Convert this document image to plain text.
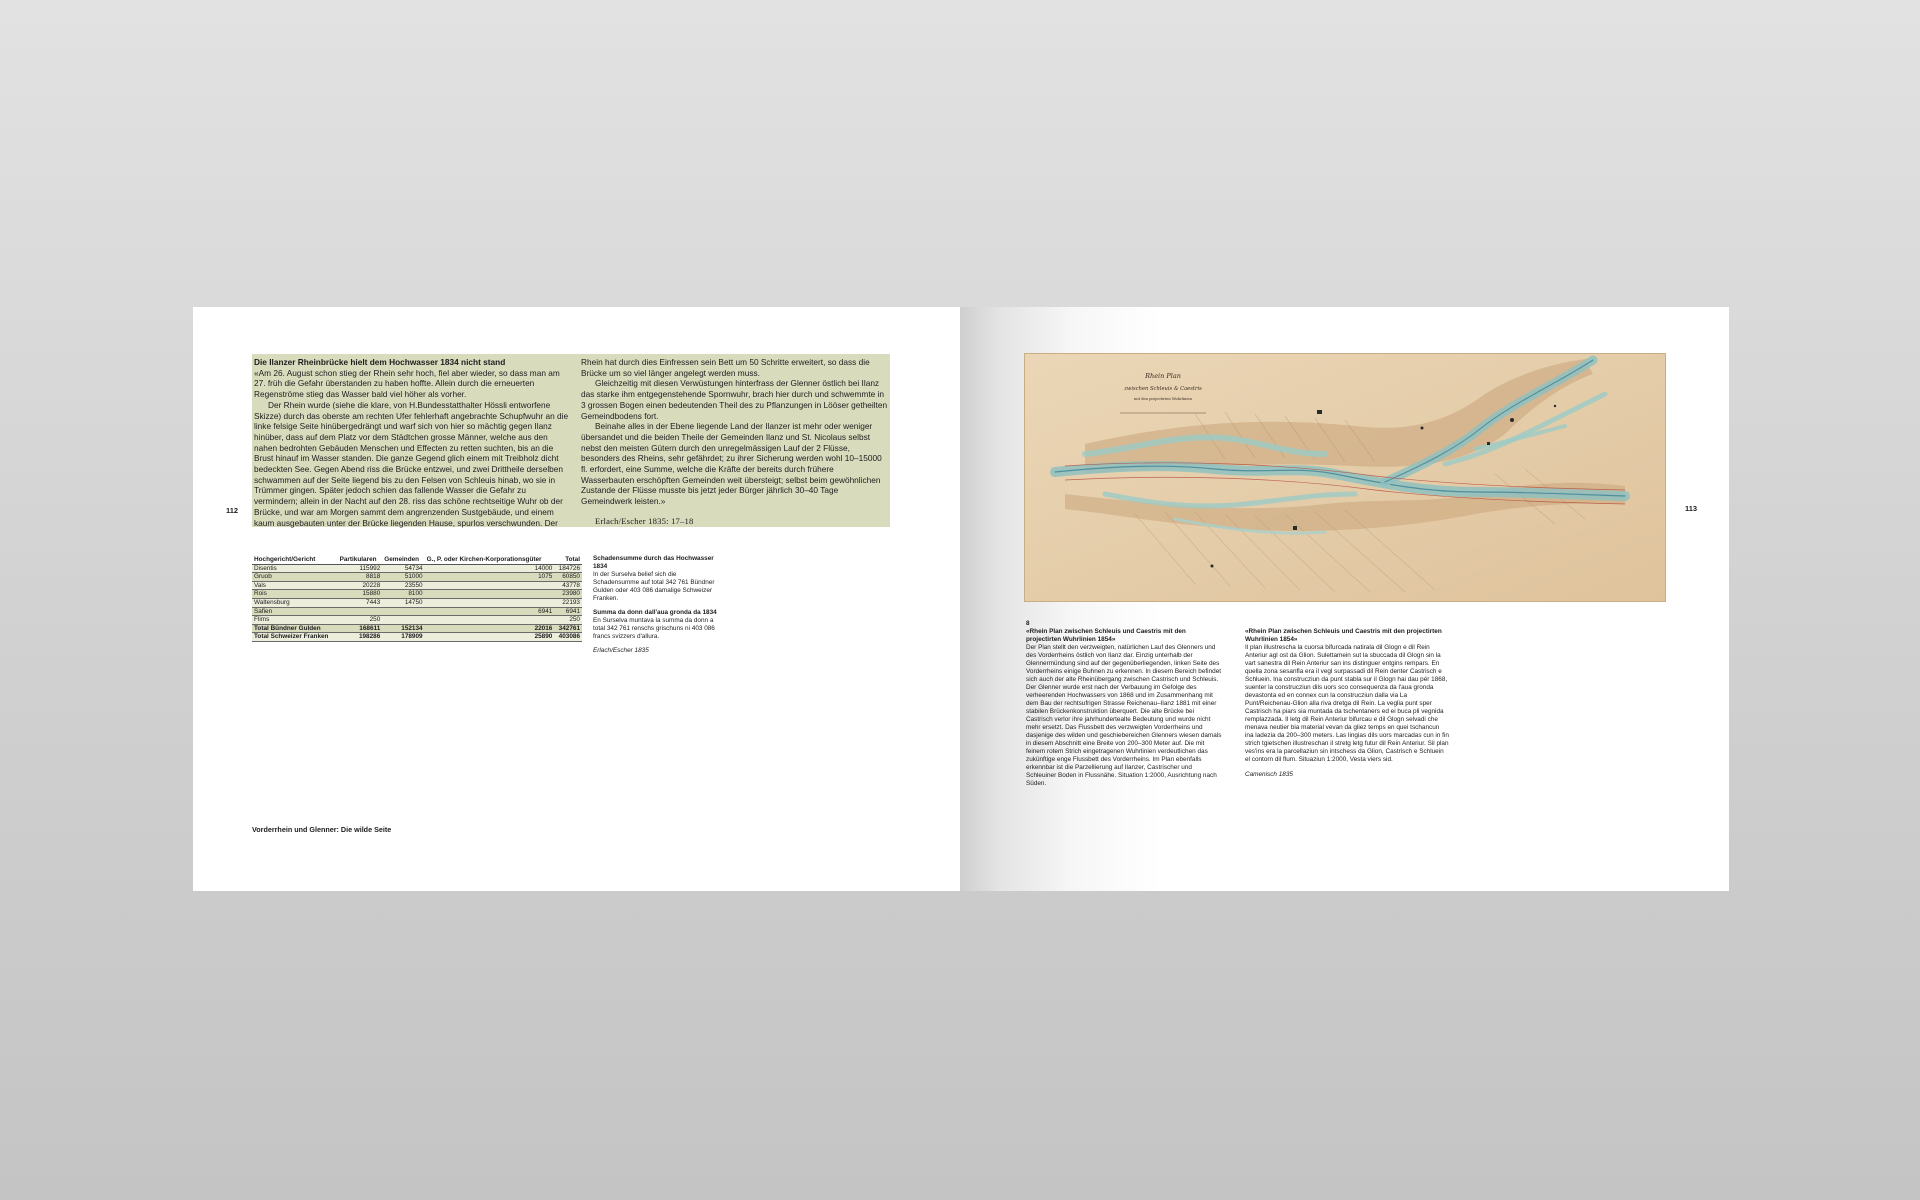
112

Die Ilanzer Rheinbrücke hielt dem Hochwasser 1834 nicht stand

«Am 26. August schon stieg der Rhein sehr hoch, fiel aber wieder, so dass man am 27. früh die Gefahr überstanden zu haben hoffte. Allein durch die erneuerten Regenströme stieg das Wasser bald viel höher als vorher.

Der Rhein wurde (siehe die klare, von H.Bundesstatthalter Hössli entworfene Skizze) durch das oberste am rechten Ufer fehlerhaft angebrachte Schupfwuhr an die linke felsige Seite hinübergedrängt und warf sich von hier so mächtig gegen Ilanz hinüber, dass auf dem Platz vor dem Städtchen grosse Männer, welche aus den nahen bedrohten Gebäuden Menschen und Effecten zu retten suchten, bis an die Brust hinauf im Wasser standen. Die ganze Gegend glich einem mit Treibholz dicht bedeckten See. Gegen Abend riss die Brücke entzwei, und zwei Drittheile derselben schwammen auf der Seite liegend bis zu den Felsen von Schleuis hinab, wo sie in Trümmer gingen. Später jedoch schien das fallende Wasser die Gefahr zu vermindern; allein in der Nacht auf den 28. riss das schöne rechtseitige Wuhr ob der Brücke, und war am Morgen sammt dem angrenzenden Sustgebäude, und einem kaum ausgebauten unter der Brücke liegenden Hause, spurlos verschwunden. Der

Rhein hat durch dies Einfressen sein Bett um 50 Schritte erweitert, so dass die Brücke um so viel länger angelegt werden muss.

Gleichzeitig mit diesen Verwüstungen hinterfrass der Glenner östlich bei Ilanz das starke ihm entgegenstehende Spornwuhr, brach hier durch und schwemmte in 3 grossen Bogen einen bedeutenden Theil des zu Pflanzungen in Lööser getheilten Gemeindbodens fort.

Beinahe alles in der Ebene liegende Land der Ilanzer ist mehr oder weniger übersandet und die beiden Theile der Gemeinden Ilanz und St. Nicolaus selbst nebst den meisten Gütern durch den unregelmässigen Lauf der 2 Flüsse, besonders des Rheins, sehr gefährdet; zu ihrer Sicherung werden wohl 10–15000 fl. erfordert, eine Summe, welche die Kräfte der bereits durch frühere Wasserbauten erschöpften Gemeinden weit übersteigt; selbst beim gewöhnlichen Zustande der Flüsse musste bis jetzt jeder Bürger jährlich 30–40 Tage Gemeindwerk leisten.»

Erlach/Escher 1835: 17–18

Hochgericht/Gericht	Partikularen	Gemeinden	G., P. oder Kirchen-Korporationsgüter	Total
Disentis	115992	54734	14000	184726
Gruob	8818	51000	1075	60850
Vals	20228	23550		43778
Rois	15880	8100		23980
Waltensburg	7443	14750		22193
Safien			6941	6941
Flims	250			250
Total Bündner Gulden	168611	152134	22016	342761
Total Schweizer Franken	198286	178909	25890	403086

Schadensumme durch das Hochwasser 1834
In der Surselva belief sich die Schadensumme auf total 342 761 Bündner Gulden oder 403 086 damalige Schweizer Franken.

Summa da donn dall'aua gronda da 1834
En Surselva muntava la summa da donn a total 342 761 renschs grischuns ni 403 086 francs svizzers d'allura.

Erlach/Escher 1835

Vorderrhein und Glenner: Die wilde Seite
113
Rhein Plan
zwischen Schleuis & Caestris
mit den projectirten Wuhrlinien
8
«Rhein Plan zwischen Schleuis und Caestris mit den projectirten Wuhrlinien 1854»
Der Plan stellt den verzweigten, natürlichen Lauf des Glenners und des Vorderrheins östlich von Ilanz dar. Einzig unterhalb der Glennermündung sind auf der gegenüberliegenden, linken Seite des Vorderrheins einige Buhnen zu erkennen. In diesem Bereich befindet sich auch der alte Rheinübergang zwischen Castrisch und Schleuis. Der Glenner wurde erst nach der Verbauung im Gefolge des verheerenden Hochwassers von 1868 und im Zusammenhang mit dem Bau der rechtsufrigen Strasse Reichenau–Ilanz 1881 mit einer stabilen Brückenkonstruktion überquert. Die alte Brücke bei Castrisch verlor ihre jahrhundertealte Bedeutung und wurde nicht mehr ersetzt. Das Flussbett des verzweigten Vorderrheins und dasjenige des wilden und geschiebereichen Glenners wiesen damals in diesem Abschnitt eine Breite von 200–300 Meter auf. Die mit feinem rotem Strich eingetragenen Wuhrlinien verdeutlichen das zukünftige enge Flussbett des Vorderrheins. Im Plan ebenfalls erkennbar ist die Parzellierung auf Ilanzer, Castrischer und Schleuiner Boden in Flussnähe. Situation 1:2000, Ausrichtung nach Süden.
«Rhein Plan zwischen Schleuis und Caestris mit den projectirten Wuhrlinien 1854»
Il plan illustrescha la cuorsa bifurcada natirala dil Glogn e dil Rein Anteriur agl ost da Glion. Sulettamein sut la sbuccada dil Glogn sin la vart sanestra dil Rein Anteriur san ins distinguer entgins rempars. En quella zona sesanfla era il vegl surpassadi dil Rein denter Castrisch e Schluein. Ina construcziun da punt stabla sur il Glogn hai dau pér 1868, suenter la construcziun dils uors sco consequenza da l'aua gronda devastonta ed en connex cun la construcziun dalla via La Punt/Reichenau-Glion alla riva dretga dil Rein. La veglia punt sper Castrisch ha piars sia muntada da tschentaners ed ei buca pli vegnida remplazzada. Il letg dil Rein Anteriur bifurcau e dil Glogn selvadi che menava neutier bia material vevan da gliez temps en quei tschancun ina ladezia da 200–300 meters. Las lingias dils uors marcadas cun in fin strich tgietschen illustreschan il stretg letg futur dil Rein Anteriur. Sil plan ves'ins era la parcellaziun sin intschess da Glion, Castrisch e Schluein el contorn dil flum. Situaziun 1:2000, Vesta viers sid.
Camenisch 1835
